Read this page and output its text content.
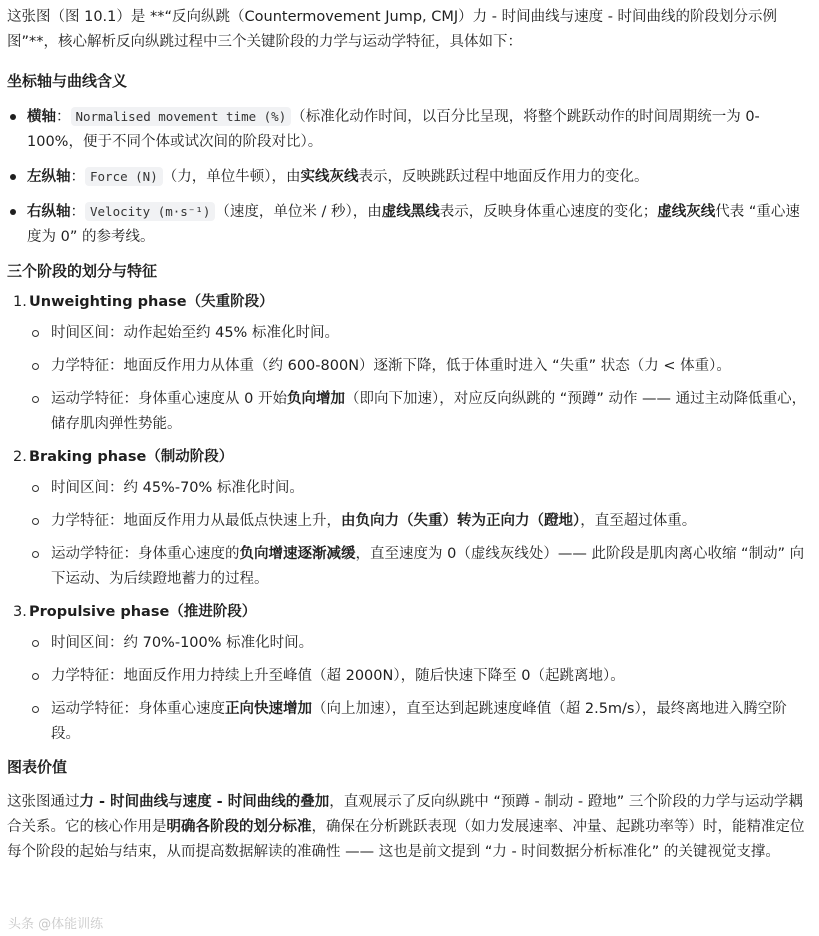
这张图（图 10.1）是 **“反向纵跳（Countermovement Jump, CMJ）力 - 时间曲线与速度 - 时间曲线的阶段划分示例图”**，核心解析反向纵跳过程中三个关键阶段的力学与运动学特征，具体如下：

坐标轴与曲线含义
横轴： Normalised movement time (%) （标准化动作时间，以百分比呈现，将整个跳跃动作的时间周期统一为 0-100%，便于不同个体或试次间的阶段对比）。
左纵轴： Force (N) （力，单位牛顿），由实线灰线表示，反映跳跃过程中地面反作用力的变化。
右纵轴： Velocity (m·s⁻¹) （速度，单位米 / 秒），由虚线黑线表示，反映身体重心速度的变化；虚线灰线代表 “重心速度为 0” 的参考线。
三个阶段的划分与特征
1. Unweighting phase（失重阶段）
时间区间：动作起始至约 45% 标准化时间。
力学特征：地面反作用力从体重（约 600-800N）逐渐下降，低于体重时进入 “失重” 状态（力 < 体重）。
运动学特征：身体重心速度从 0 开始负向增加（即向下加速），对应反向纵跳的 “预蹲” 动作 —— 通过主动降低重心，储存肌肉弹性势能。
2. Braking phase（制动阶段）
时间区间：约 45%-70% 标准化时间。
力学特征：地面反作用力从最低点快速上升，由负向力（失重）转为正向力（蹬地），直至超过体重。
运动学特征：身体重心速度的负向增速逐渐减缓，直至速度为 0（虚线灰线处）—— 此阶段是肌肉离心收缩 “制动” 向下运动、为后续蹬地蓄力的过程。
3. Propulsive phase（推进阶段）
时间区间：约 70%-100% 标准化时间。
力学特征：地面反作用力持续上升至峰值（超 2000N），随后快速下降至 0（起跳离地）。
运动学特征：身体重心速度正向快速增加（向上加速），直至达到起跳速度峰值（超 2.5m/s），最终离地进入腾空阶段。
图表价值

这张图通过力 - 时间曲线与速度 - 时间曲线的叠加，直观展示了反向纵跳中 “预蹲 - 制动 - 蹬地” 三个阶段的力学与运动学耦合关系。它的核心作用是明确各阶段的划分标准，确保在分析跳跃表现（如力发展速率、冲量、起跳功率等）时，能精准定位每个阶段的起始与结束，从而提高数据解读的准确性 —— 这也是前文提到 “力 - 时间数据分析标准化” 的关键视觉支撑。

头条 @体能训练
